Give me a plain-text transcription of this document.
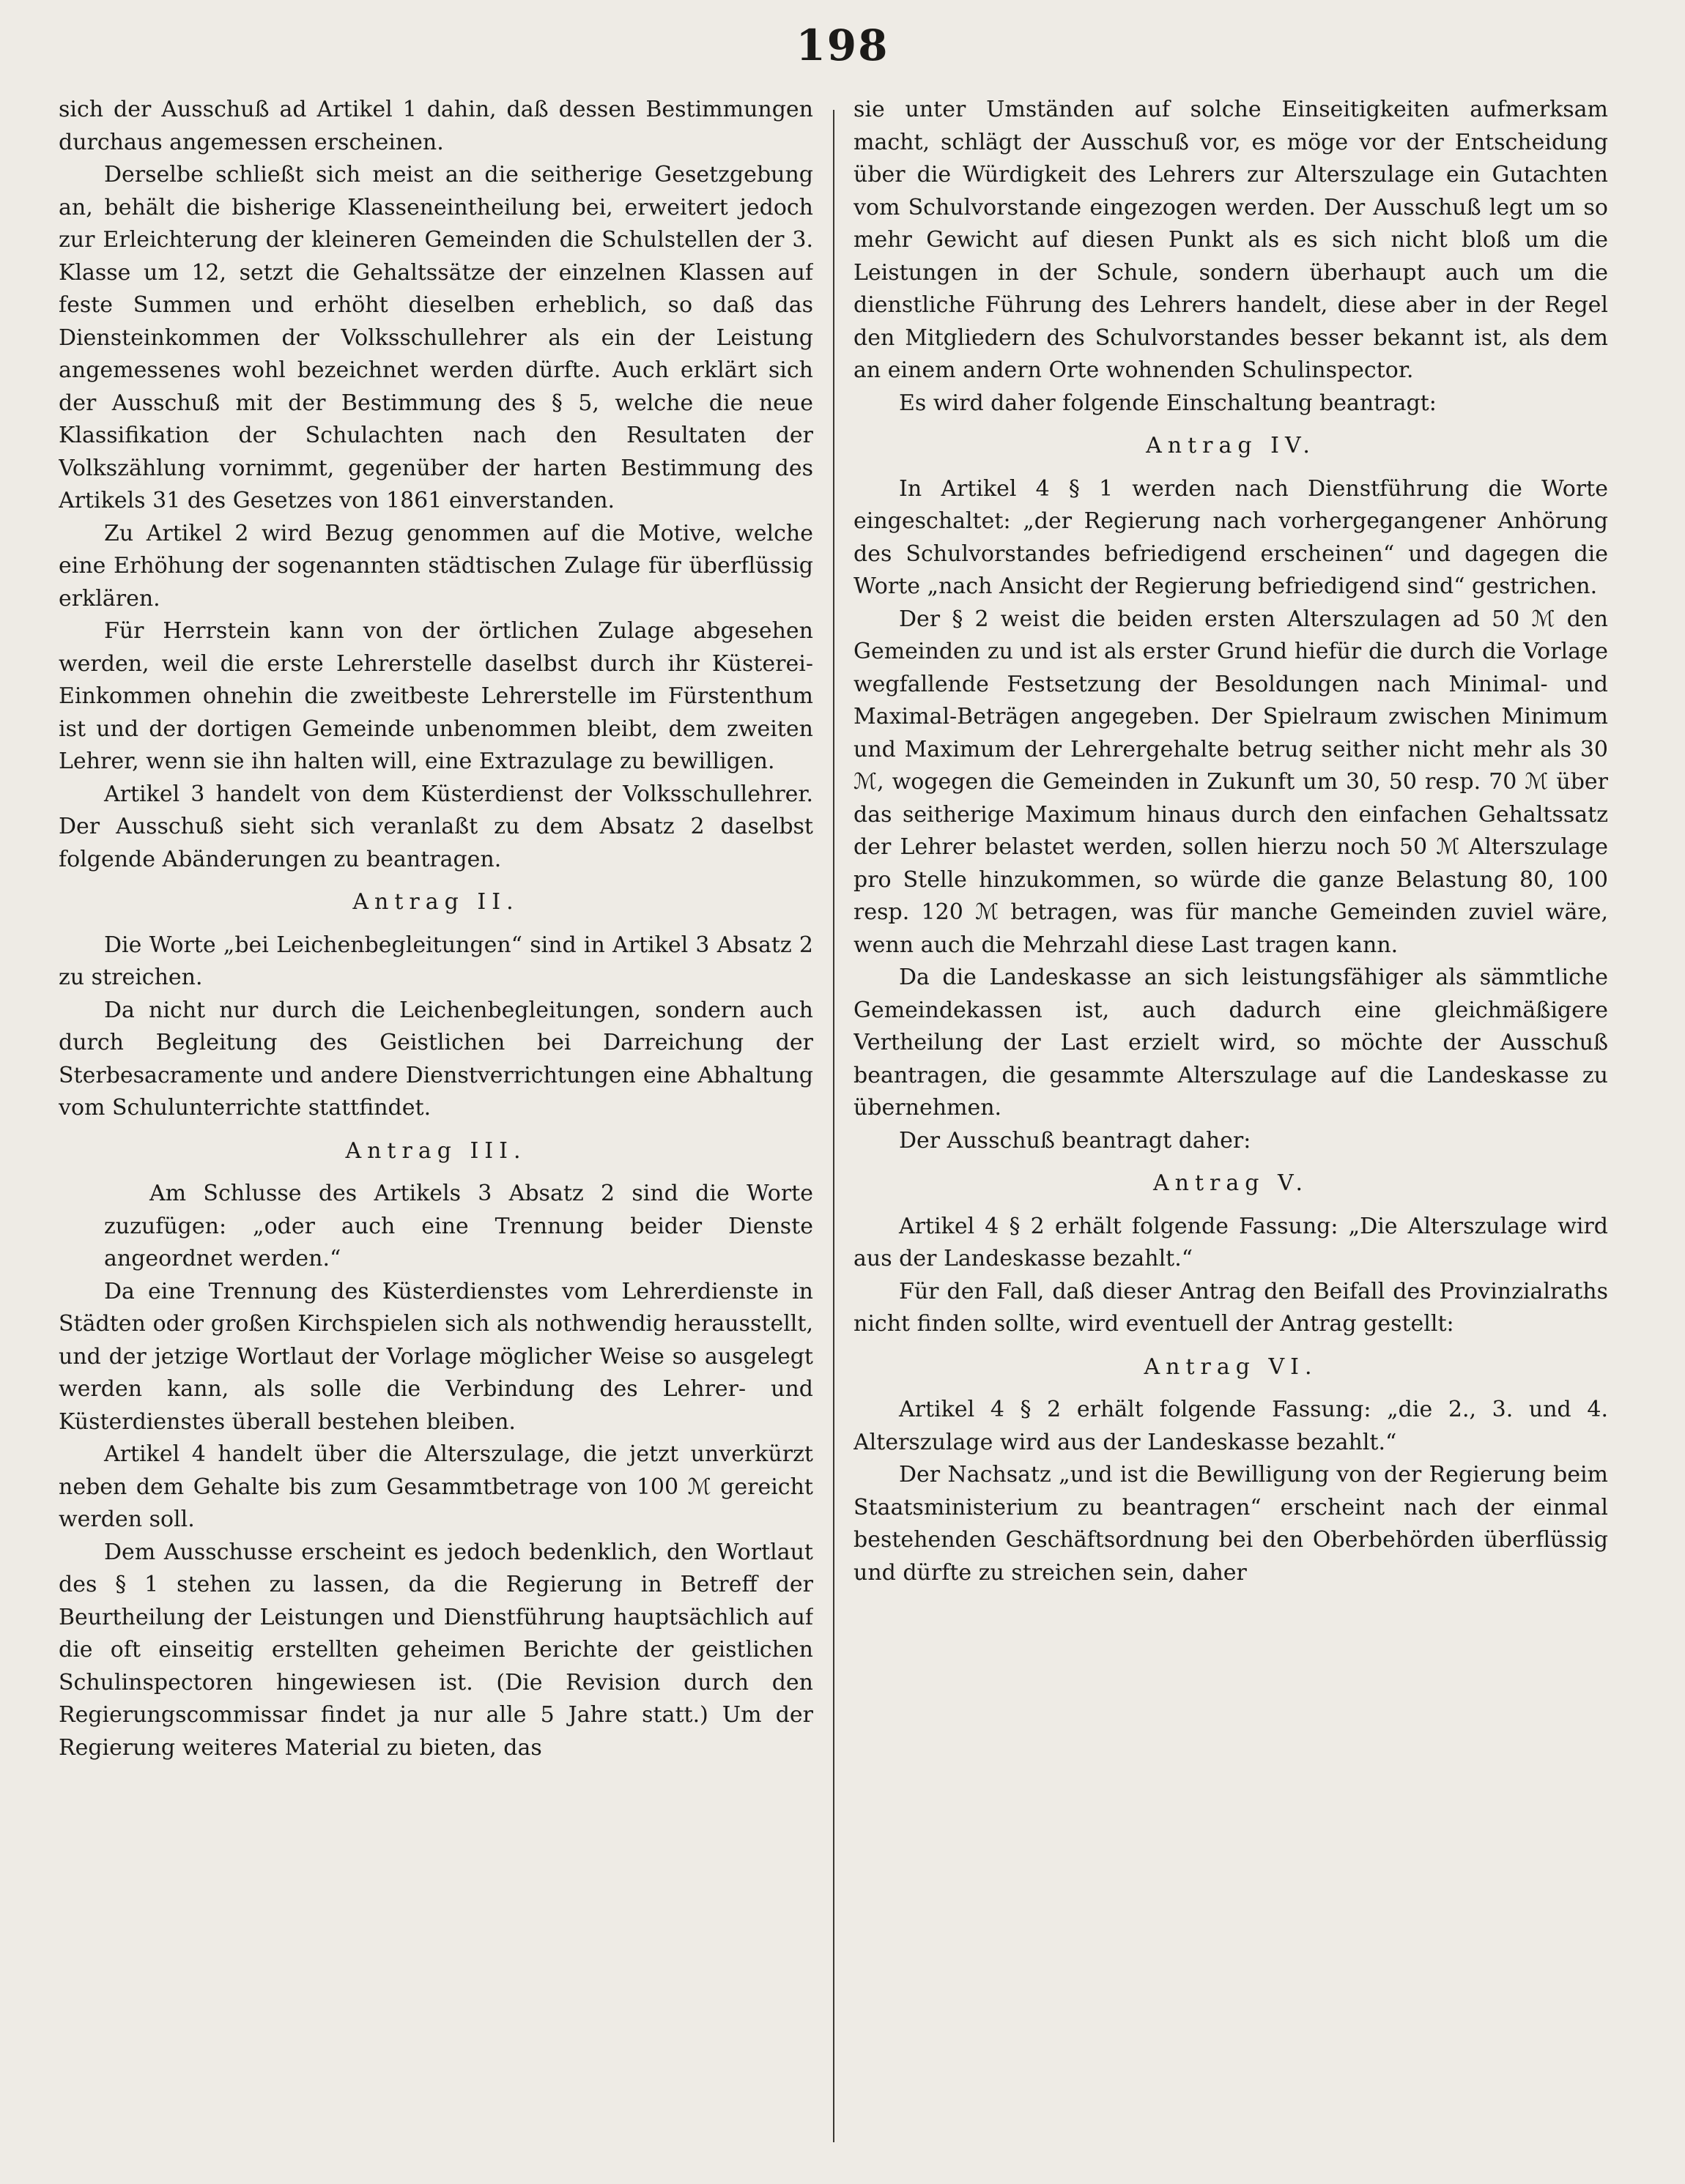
198

sich der Ausschuß ad Artikel 1 dahin, daß dessen Bestimmungen durchaus angemessen erscheinen.

Derselbe schließt sich meist an die seitherige Gesetzgebung an, behält die bisherige Klasseneintheilung bei, erweitert jedoch zur Erleichterung der kleineren Gemeinden die Schulstellen der 3. Klasse um 12, setzt die Gehaltssätze der einzelnen Klassen auf feste Summen und erhöht dieselben erheblich, so daß das Diensteinkommen der Volksschullehrer als ein der Leistung angemessenes wohl bezeichnet werden dürfte. Auch erklärt sich der Ausschuß mit der Bestimmung des § 5, welche die neue Klassifikation der Schulachten nach den Resultaten der Volkszählung vornimmt, gegenüber der harten Bestimmung des Artikels 31 des Gesetzes von 1861 einverstanden.

Zu Artikel 2 wird Bezug genommen auf die Motive, welche eine Erhöhung der sogenannten städtischen Zulage für überflüssig erklären.

Für Herrstein kann von der örtlichen Zulage abgesehen werden, weil die erste Lehrerstelle daselbst durch ihr Küsterei-Einkommen ohnehin die zweitbeste Lehrerstelle im Fürstenthum ist und der dortigen Gemeinde unbenommen bleibt, dem zweiten Lehrer, wenn sie ihn halten will, eine Extrazulage zu bewilligen.

Artikel 3 handelt von dem Küsterdienst der Volksschullehrer. Der Ausschuß sieht sich veranlaßt zu dem Absatz 2 daselbst folgende Abänderungen zu beantragen.

Antrag II.

Die Worte „bei Leichenbegleitungen“ sind in Artikel 3 Absatz 2 zu streichen.

Da nicht nur durch die Leichenbegleitungen, sondern auch durch Begleitung des Geistlichen bei Darreichung der Sterbesacramente und andere Dienstverrichtungen eine Abhaltung vom Schulunterrichte stattfindet.

Antrag III.

Am Schlusse des Artikels 3 Absatz 2 sind die Worte zuzufügen: „oder auch eine Trennung beider Dienste angeordnet werden.“

Da eine Trennung des Küsterdienstes vom Lehrerdienste in Städten oder großen Kirchspielen sich als nothwendig herausstellt, und der jetzige Wortlaut der Vorlage möglicher Weise so ausgelegt werden kann, als solle die Verbindung des Lehrer- und Küsterdienstes überall bestehen bleiben.

Artikel 4 handelt über die Alterszulage, die jetzt unverkürzt neben dem Gehalte bis zum Gesammtbetrage von 100 ℳ gereicht werden soll.

Dem Ausschusse erscheint es jedoch bedenklich, den Wortlaut des § 1 stehen zu lassen, da die Regierung in Betreff der Beurtheilung der Leistungen und Dienstführung hauptsächlich auf die oft einseitig erstellten geheimen Berichte der geistlichen Schulinspectoren hingewiesen ist. (Die Revision durch den Regierungscommissar findet ja nur alle 5 Jahre statt.) Um der Regierung weiteres Material zu bieten, das

sie unter Umständen auf solche Einseitigkeiten aufmerksam macht, schlägt der Ausschuß vor, es möge vor der Entscheidung über die Würdigkeit des Lehrers zur Alterszulage ein Gutachten vom Schulvorstande eingezogen werden. Der Ausschuß legt um so mehr Gewicht auf diesen Punkt als es sich nicht bloß um die Leistungen in der Schule, sondern überhaupt auch um die dienstliche Führung des Lehrers handelt, diese aber in der Regel den Mitgliedern des Schulvorstandes besser bekannt ist, als dem an einem andern Orte wohnenden Schulinspector.

Es wird daher folgende Einschaltung beantragt:

Antrag IV.

In Artikel 4 § 1 werden nach Dienstführung die Worte eingeschaltet: „der Regierung nach vorhergegangener Anhörung des Schulvorstandes befriedigend erscheinen“ und dagegen die Worte „nach Ansicht der Regierung befriedigend sind“ gestrichen.

Der § 2 weist die beiden ersten Alterszulagen ad 50 ℳ den Gemeinden zu und ist als erster Grund hiefür die durch die Vorlage wegfallende Festsetzung der Besoldungen nach Minimal- und Maximal-Beträgen angegeben. Der Spielraum zwischen Minimum und Maximum der Lehrergehalte betrug seither nicht mehr als 30 ℳ, wogegen die Gemeinden in Zukunft um 30, 50 resp. 70 ℳ über das seitherige Maximum hinaus durch den einfachen Gehaltssatz der Lehrer belastet werden, sollen hierzu noch 50 ℳ Alterszulage pro Stelle hinzukommen, so würde die ganze Belastung 80, 100 resp. 120 ℳ betragen, was für manche Gemeinden zuviel wäre, wenn auch die Mehrzahl diese Last tragen kann.

Da die Landeskasse an sich leistungsfähiger als sämmtliche Gemeindekassen ist, auch dadurch eine gleichmäßigere Vertheilung der Last erzielt wird, so möchte der Ausschuß beantragen, die gesammte Alterszulage auf die Landeskasse zu übernehmen.

Der Ausschuß beantragt daher:

Antrag V.

Artikel 4 § 2 erhält folgende Fassung: „Die Alterszulage wird aus der Landeskasse bezahlt.“

Für den Fall, daß dieser Antrag den Beifall des Provinzialraths nicht finden sollte, wird eventuell der Antrag gestellt:

Antrag VI.

Artikel 4 § 2 erhält folgende Fassung: „die 2., 3. und 4. Alterszulage wird aus der Landeskasse bezahlt.“

Der Nachsatz „und ist die Bewilligung von der Regierung beim Staatsministerium zu beantragen“ erscheint nach der einmal bestehenden Geschäftsordnung bei den Oberbehörden überflüssig und dürfte zu streichen sein, daher
